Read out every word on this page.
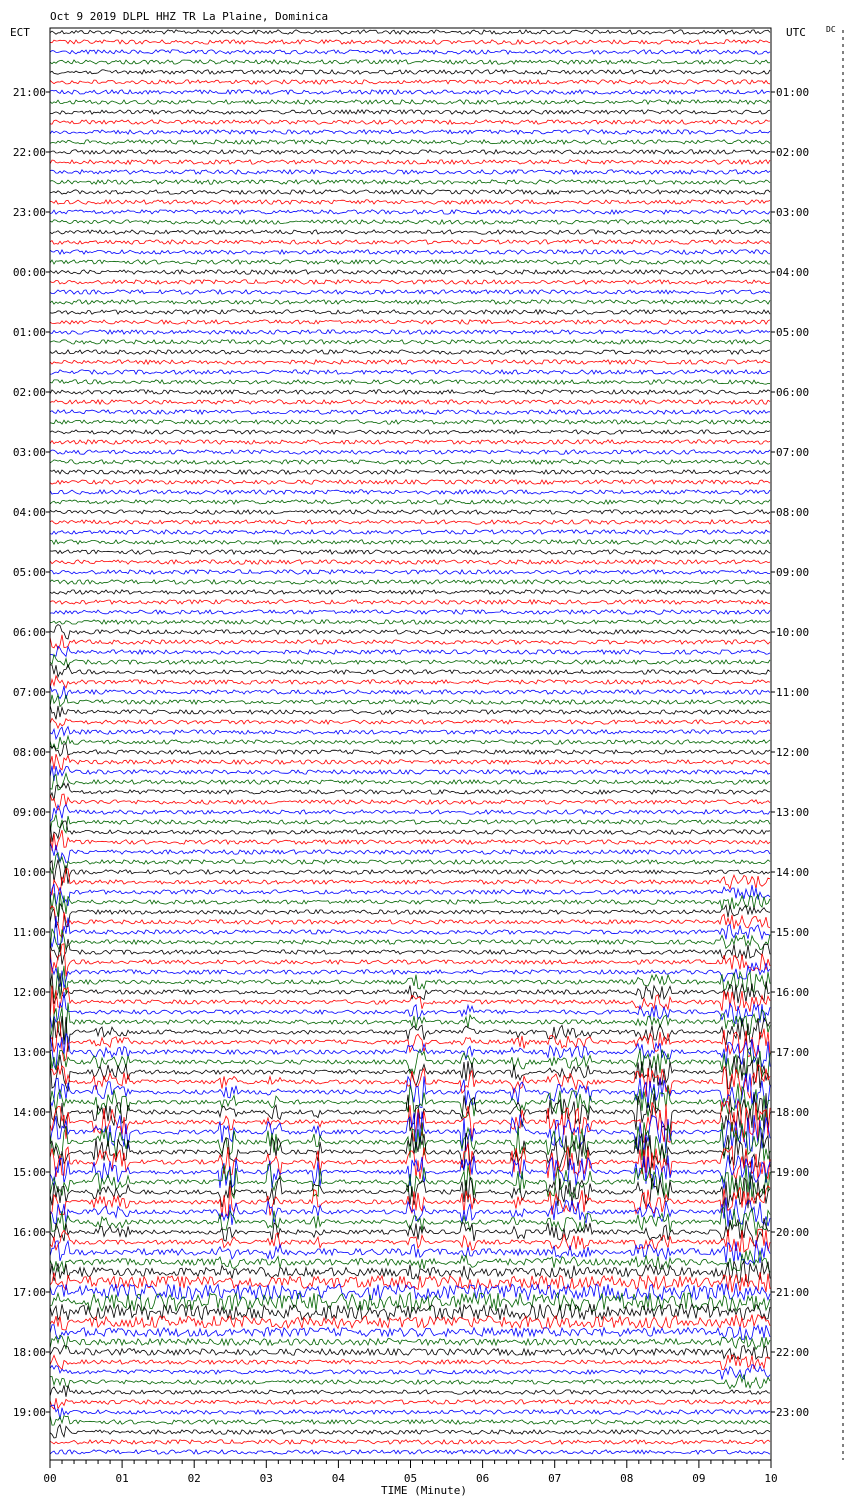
Oct 9 2019 DLPL HHZ TR La Plaine, Dominica
ECT	UTC	DC
21:00
22:00
23:00
00:00
01:00
02:00
03:00
04:00
05:00
06:00
07:00
08:00
09:00
10:00
11:00
12:00
13:00
14:00
15:00
16:00
17:00
18:00
19:00
01:00
02:00
03:00
04:00
05:00
06:00
07:00
08:00
09:00
10:00
11:00
12:00
13:00
14:00
15:00
16:00
17:00
18:00
19:00
20:00
21:00
22:00
23:00
00	01	02	03	04	05	06	07	08	09	10
TIME (Minute)
